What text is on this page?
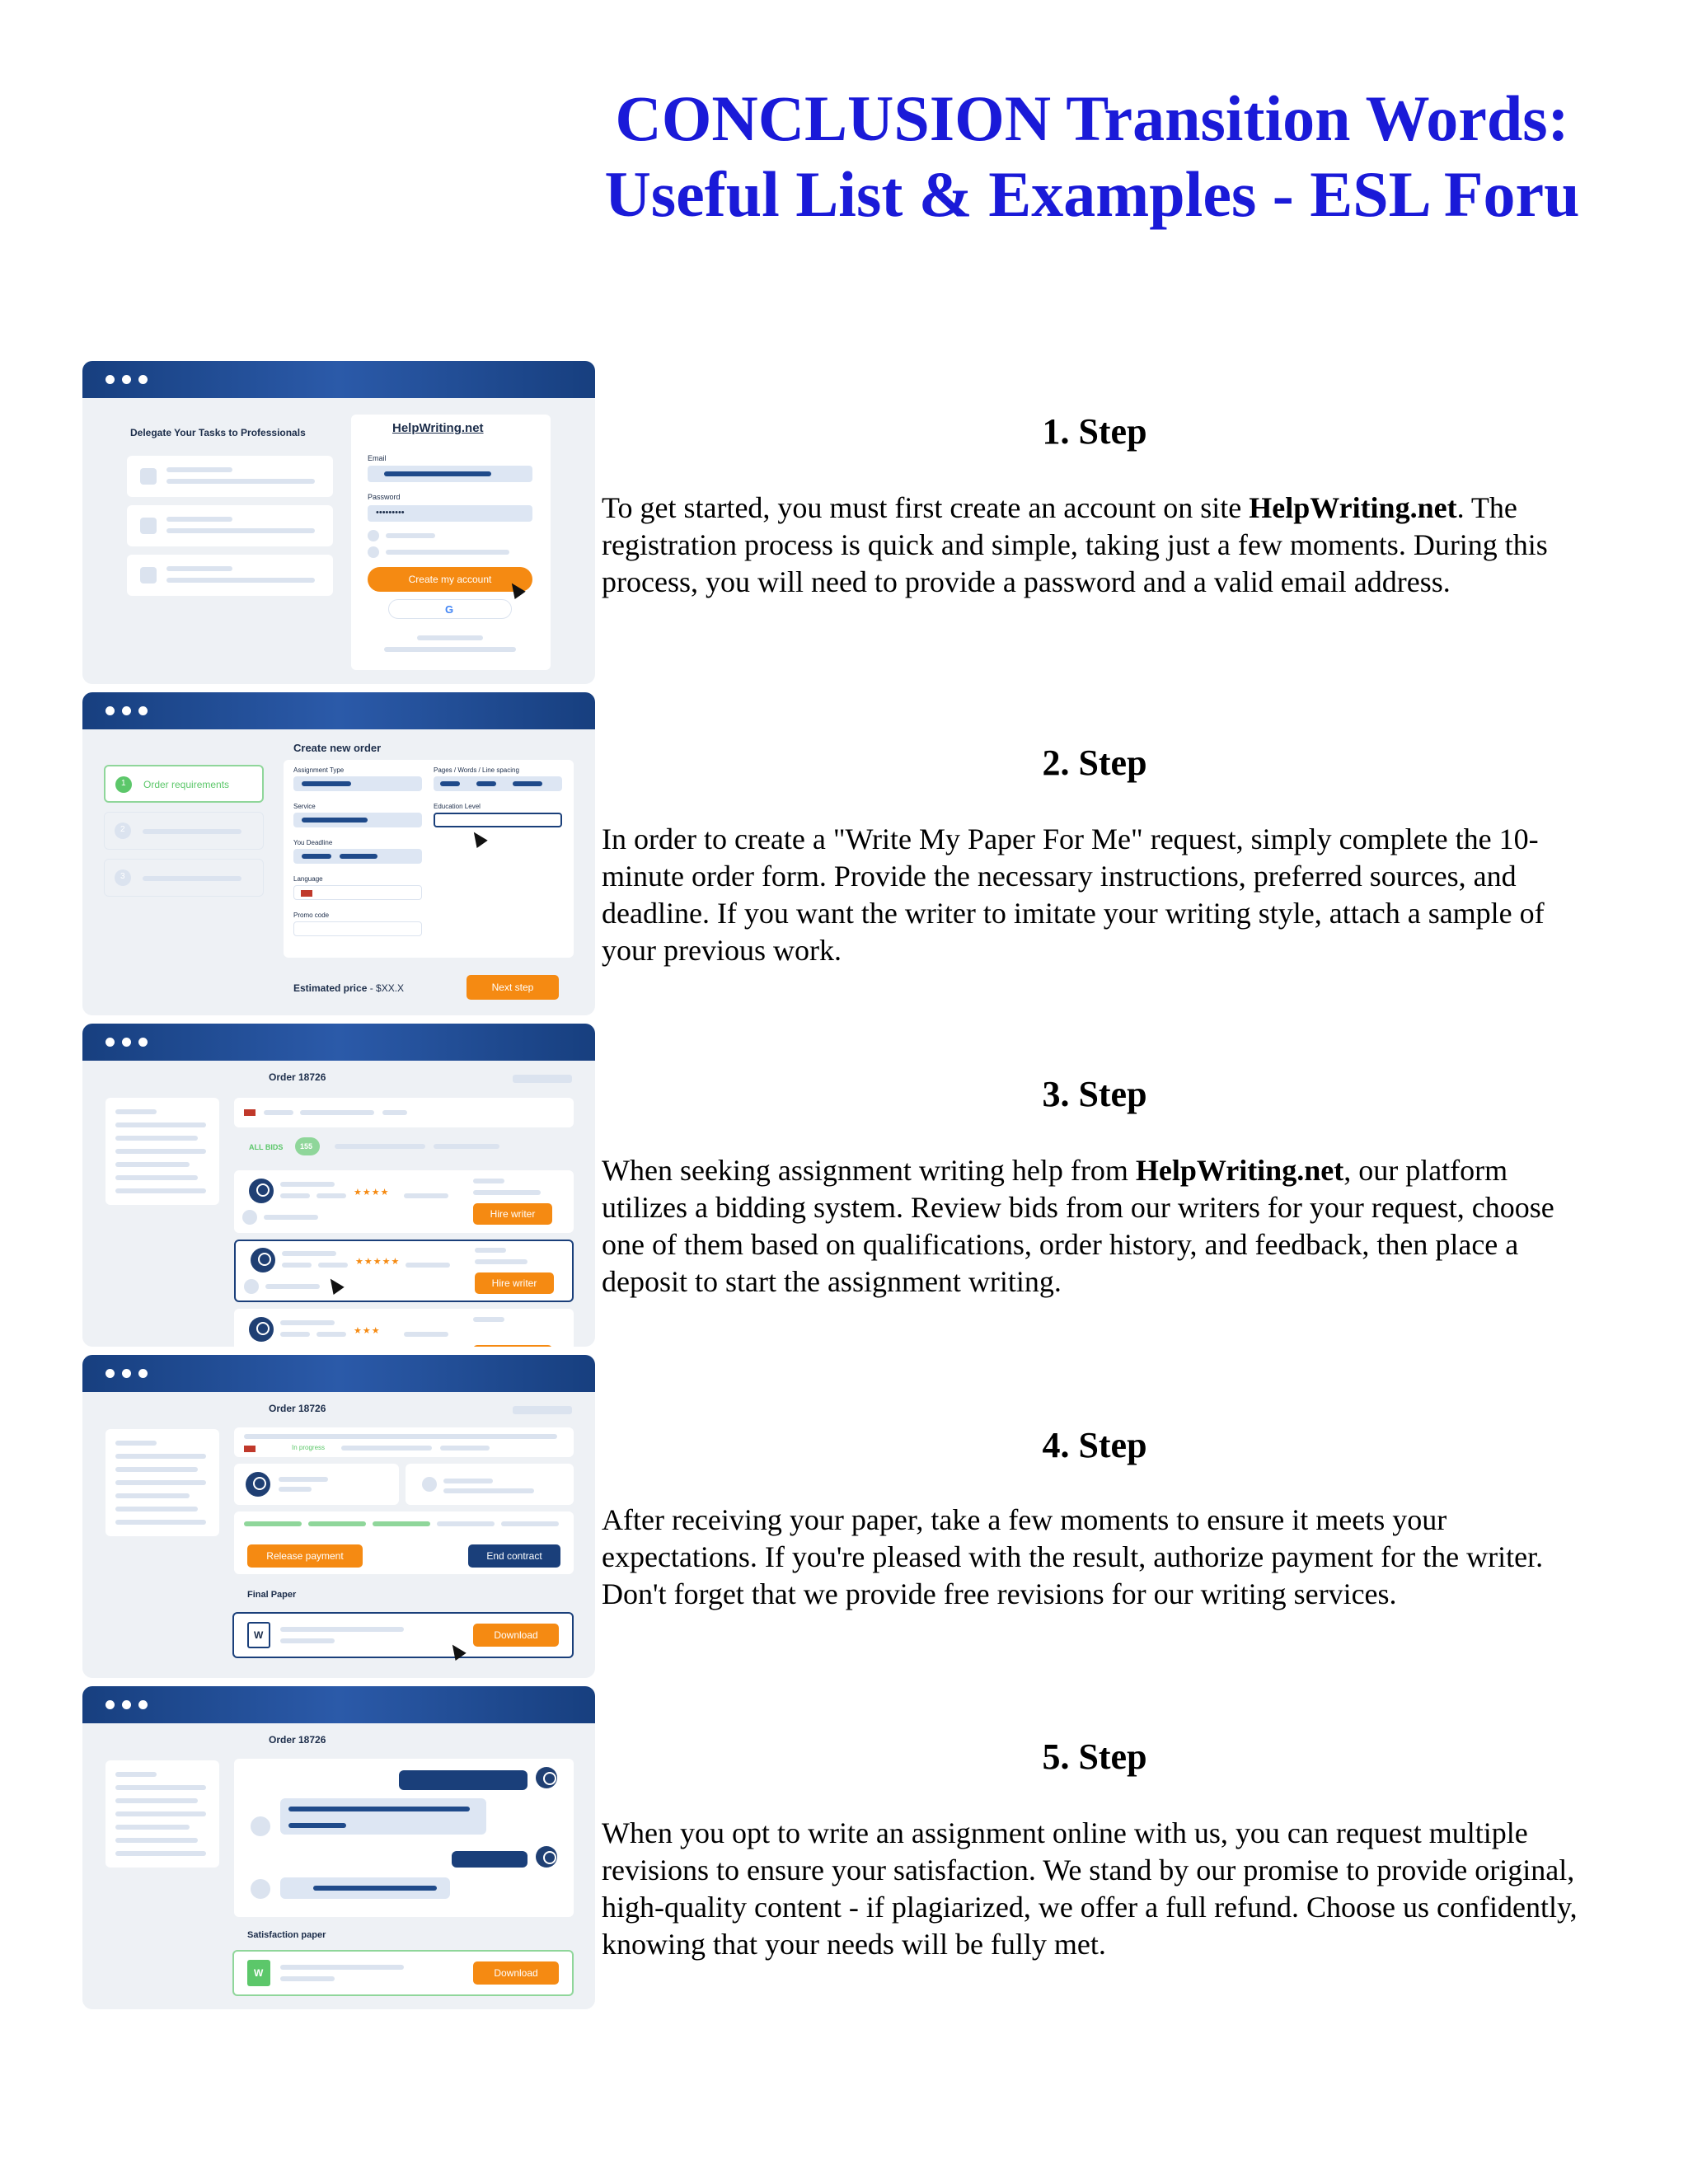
CONCLUSION Transition Words: Useful List & Examples - ESL Foru
Delegate Your Tasks to Professionals	HelpWriting.net
Email
Password
•••••••••
Create my account
G
1 Order requirements
2
3
Create new order
Assignment Type	Pages / Words / Line spacing
Service	Education Level
You Deadline
Language
Promo code
Estimated price - $XX.X	Next step
Order 18726
ALL BIDS 155
★★★★
Hire writer
★★★★★
Hire writer
★★★
Order 18726
In progress
Release payment	End contract
Final Paper
W	Download
Order 18726
Satisfaction paper
W	Download
1. Step
To get started, you must first create an account on site HelpWriting.net. The registration process is quick and simple, taking just a few moments. During this process, you will need to provide a password and a valid email address.
2. Step
In order to create a "Write My Paper For Me" request, simply complete the 10-minute order form. Provide the necessary instructions, preferred sources, and deadline. If you want the writer to imitate your writing style, attach a sample of your previous work.
3. Step
When seeking assignment writing help from HelpWriting.net, our platform utilizes a bidding system. Review bids from our writers for your request, choose one of them based on qualifications, order history, and feedback, then place a deposit to start the assignment writing.
4. Step
After receiving your paper, take a few moments to ensure it meets your expectations. If you're pleased with the result, authorize payment for the writer. Don't forget that we provide free revisions for our writing services.
5. Step
When you opt to write an assignment online with us, you can request multiple revisions to ensure your satisfaction. We stand by our promise to provide original, high-quality content - if plagiarized, we offer a full refund. Choose us confidently, knowing that your needs will be fully met.
